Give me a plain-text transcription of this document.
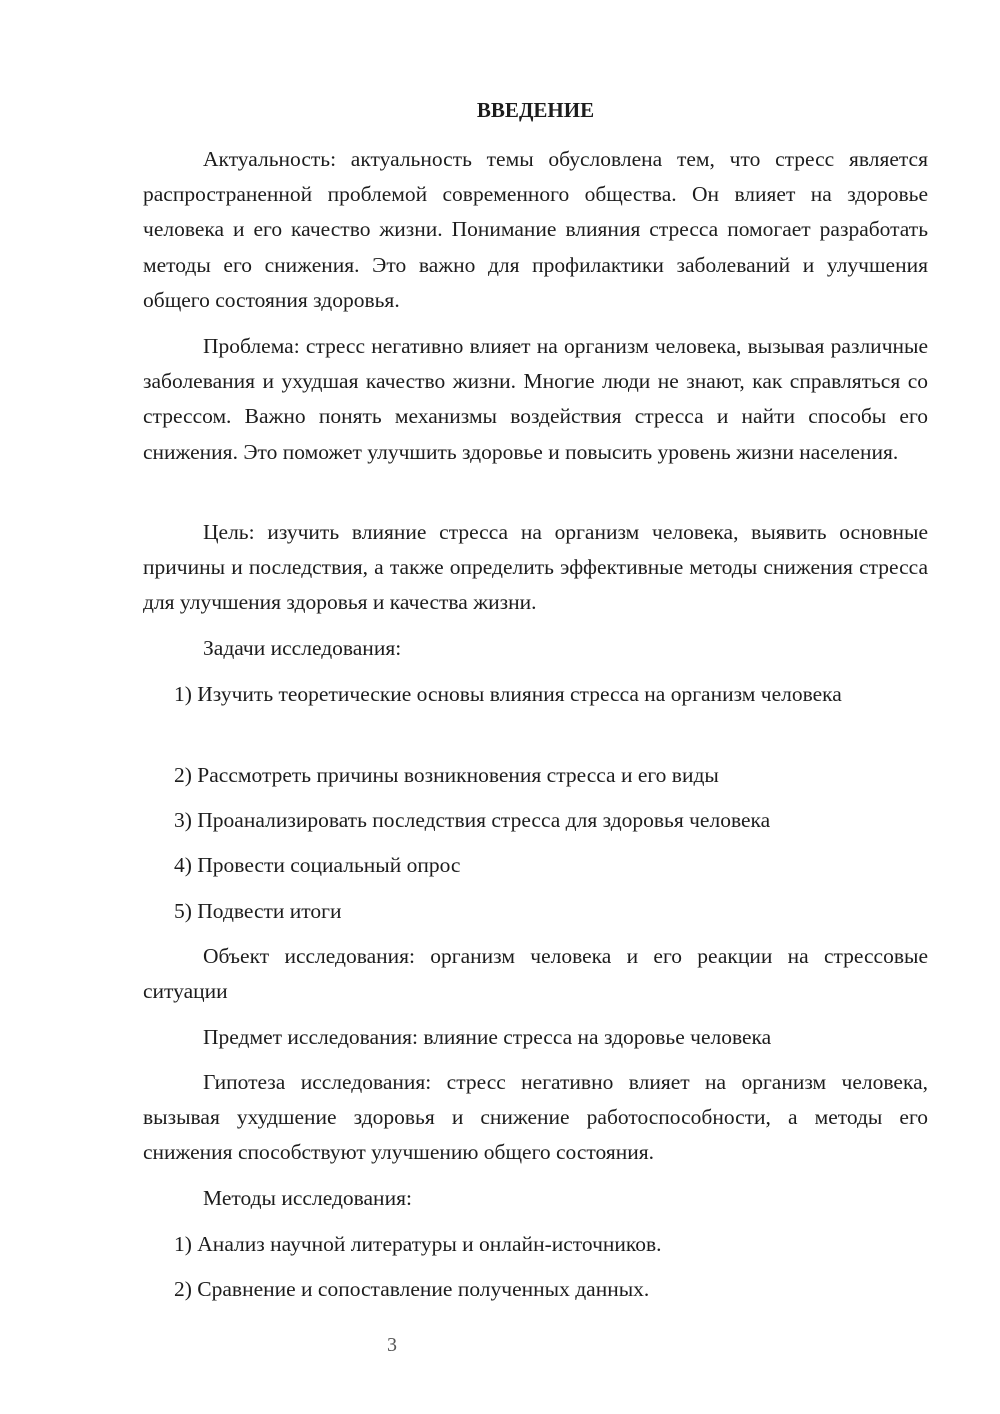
ВВЕДЕНИЕ

Актуальность: актуальность темы обусловлена тем, что стресс является распространенной проблемой современного общества. Он влияет на здоровье человека и его качество жизни. Понимание влияния стресса помогает разработать методы его снижения. Это важно для профилактики заболеваний и улучшения общего состояния здоровья.

Проблема: стресс негативно влияет на организм человека, вызывая различные заболевания и ухудшая качество жизни. Многие люди не знают, как справляться со стрессом. Важно понять механизмы воздействия стресса и найти способы его снижения. Это поможет улучшить здоровье и повысить уровень жизни населения.

Цель: изучить влияние стресса на организм человека, выявить основные причины и последствия, а также определить эффективные методы снижения стресса для улучшения здоровья и качества жизни.

Задачи исследования:

1) Изучить теоретические основы влияния стресса на организм человека

2) Рассмотреть причины возникновения стресса и его виды

3) Проанализировать последствия стресса для здоровья человека

4) Провести социальный опрос

5) Подвести итоги

Объект исследования: организм человека и его реакции на стрессовые ситуации

Предмет исследования: влияние стресса на здоровье человека

Гипотеза исследования: стресс негативно влияет на организм человека, вызывая ухудшение здоровья и снижение работоспособности, а методы его снижения способствуют улучшению общего состояния.

Методы исследования:

1) Анализ научной литературы и онлайн-источников.

2) Сравнение и сопоставление полученных данных.

3
